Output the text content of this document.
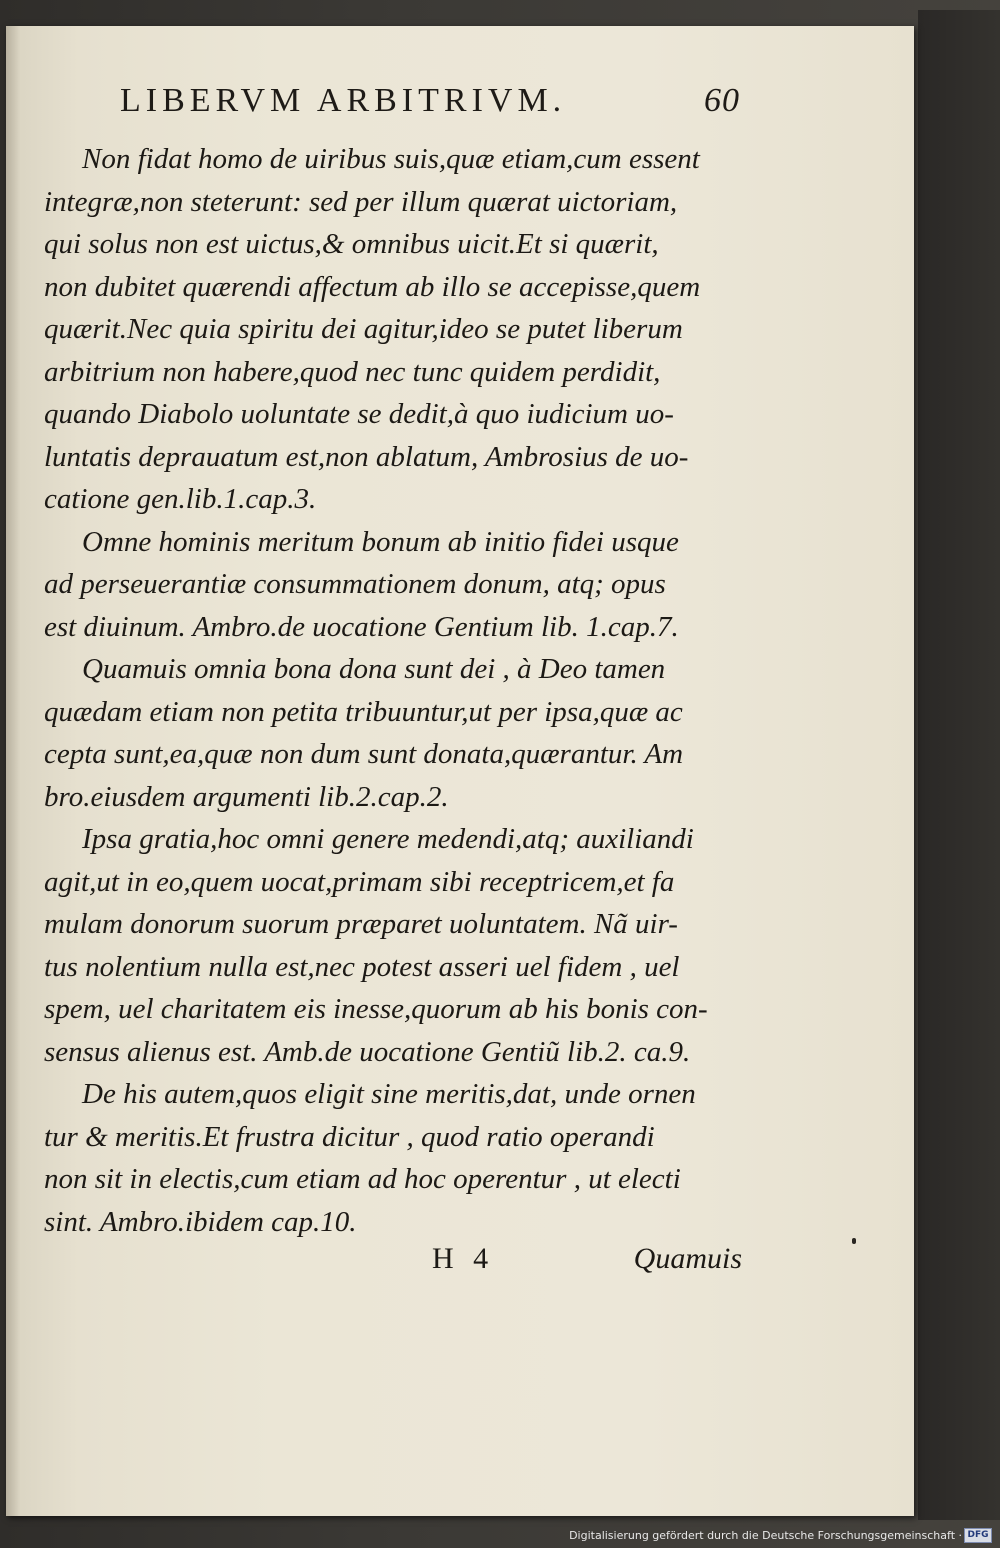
LIBERVM ARBITRIVM.	60
Non fidat homo de uiribus suis,quæ etiam,cum essent
integræ,non steterunt: sed per illum quærat uictoriam,
qui solus non est uictus,& omnibus uicit.Et si quærit,
non dubitet quærendi affectum ab illo se accepisse,quem
quærit.Nec quia spiritu dei agitur,ideo se putet liberum
arbitrium non habere,quod nec tunc quidem perdidit,
quando Diabolo uoluntate se dedit,à quo iudicium uo-
luntatis deprauatum est,non ablatum, Ambrosius de uo-
catione gen.lib.1.cap.3.
Omne hominis meritum bonum ab initio fidei usque
ad perseuerantiæ consummationem donum, atq; opus
est diuinum. Ambro.de uocatione Gentium lib. 1.cap.7.
Quamuis omnia bona dona sunt dei , à Deo tamen
quædam etiam non petita tribuuntur,ut per ipsa,quæ ac
cepta sunt,ea,quæ non dum sunt donata,quærantur. Am
bro.eiusdem argumenti lib.2.cap.2.
Ipsa gratia,hoc omni genere medendi,atq; auxiliandi
agit,ut in eo,quem uocat,primam sibi receptricem,et fa
mulam donorum suorum præparet uoluntatem. Nã uir-
tus nolentium nulla est,nec potest asseri uel fidem , uel
spem, uel charitatem eis inesse,quorum ab his bonis con-
sensus alienus est. Amb.de uocatione Gentiũ lib.2. ca.9.
De his autem,quos eligit sine meritis,dat, unde ornen
tur & meritis.Et frustra dicitur , quod ratio operandi
non sit in electis,cum etiam ad hoc operentur , ut electi
sint. Ambro.ibidem cap.10.
H 4	Quamuis
Digitalisierung gefördert durch die Deutsche Forschungsgemeinschaft · DFG
